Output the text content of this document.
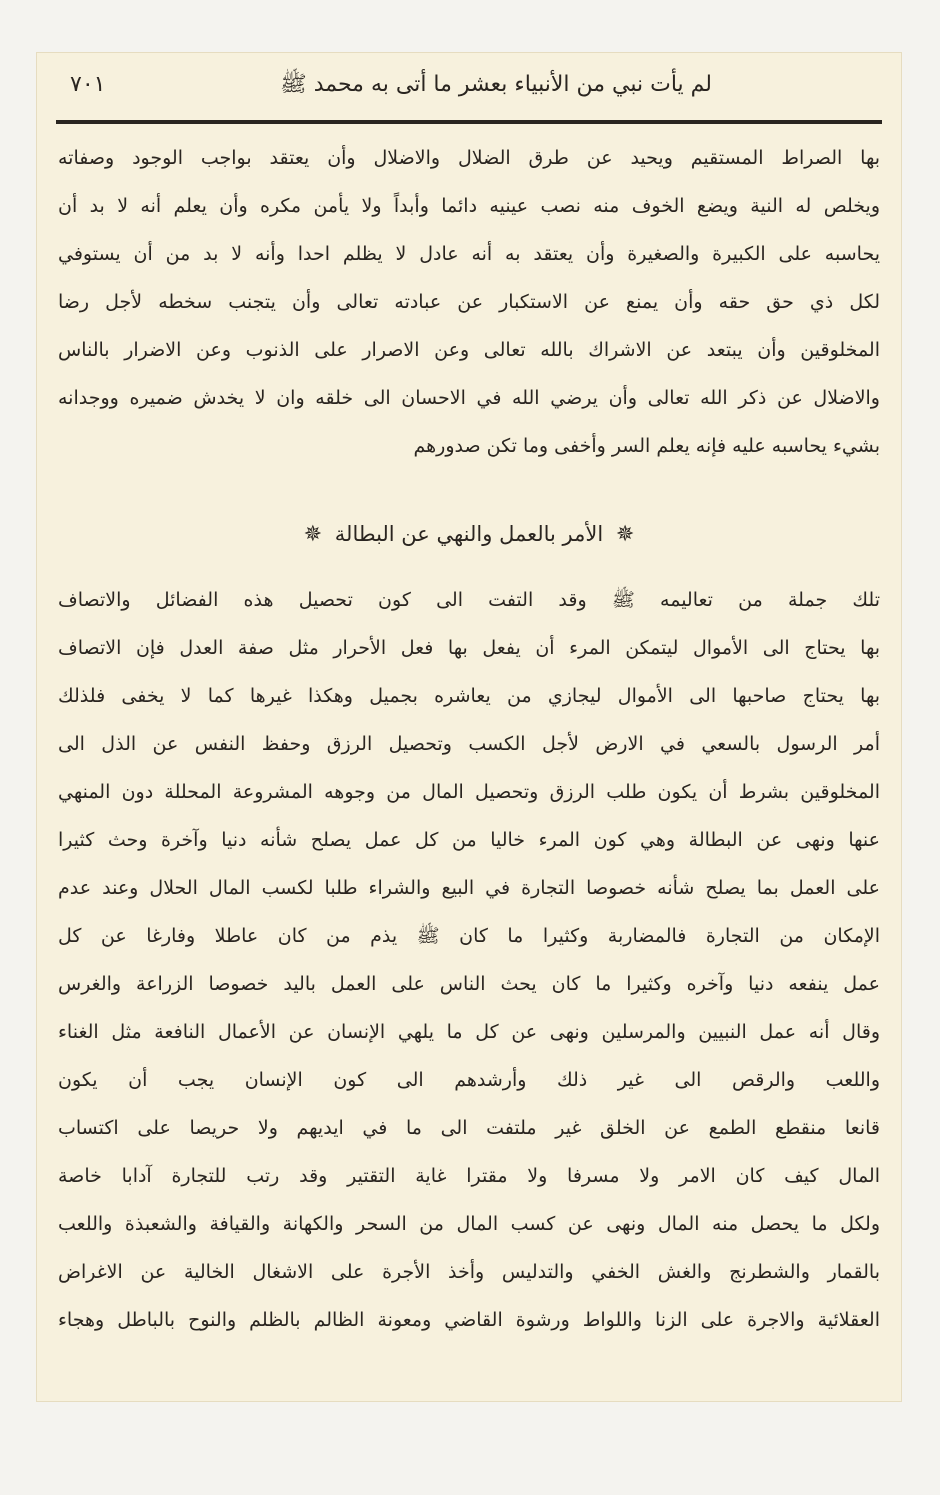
لم يأت نبي من الأنبياء بعشر ما أتى به محمد ﷺ
٧٠١
بها الصراط المستقيم ويحيد عن طرق الضلال والاضلال وأن يعتقد بواجب الوجود وصفاته
ويخلص له النية ويضع الخوف منه نصب عينيه دائما وأبداً ولا يأمن مكره وأن يعلم أنه لا بد أن
يحاسبه على الكبيرة والصغيرة وأن يعتقد به أنه عادل لا يظلم احدا وأنه لا بد من أن يستوفي
لكل ذي حق حقه وأن يمنع عن الاستكبار عن عبادته تعالى وأن يتجنب سخطه لأجل رضا
المخلوقين وأن يبتعد عن الاشراك بالله تعالى وعن الاصرار على الذنوب وعن الاضرار بالناس
والاضلال عن ذكر الله تعالى وأن يرضي الله في الاحسان الى خلقه وان لا يخدش ضميره ووجدانه
بشيء يحاسبه عليه فإنه يعلم السر وأخفى وما تكن صدورهم
✵ الأمر بالعمل والنهي عن البطالة ✵
تلك جملة من تعاليمه ﷺ وقد التفت الى كون تحصيل هذه الفضائل والاتصاف
بها يحتاج الى الأموال ليتمكن المرء أن يفعل بها فعل الأحرار مثل صفة العدل فإن الاتصاف
بها يحتاج صاحبها الى الأموال ليجازي من يعاشره بجميل وهكذا غيرها كما لا يخفى فلذلك
أمر الرسول بالسعي في الارض لأجل الكسب وتحصيل الرزق وحفظ النفس عن الذل الى
المخلوقين بشرط أن يكون طلب الرزق وتحصيل المال من وجوهه المشروعة المحللة دون المنهي
عنها ونهى عن البطالة وهي كون المرء خاليا من كل عمل يصلح شأنه دنيا وآخرة وحث كثيرا
على العمل بما يصلح شأنه خصوصا التجارة في البيع والشراء طلبا لكسب المال الحلال وعند عدم
الإمكان من التجارة فالمضاربة وكثيرا ما كان ﷺ يذم من كان عاطلا وفارغا عن كل
عمل ينفعه دنيا وآخره وكثيرا ما كان يحث الناس على العمل باليد خصوصا الزراعة والغرس
وقال أنه عمل النبيين والمرسلين ونهى عن كل ما يلهي الإنسان عن الأعمال النافعة مثل الغناء
واللعب والرقص الى غير ذلك وأرشدهم الى كون الإنسان يجب أن يكون
قانعا منقطع الطمع عن الخلق غير ملتفت الى ما في ايديهم ولا حريصا على اكتساب
المال كيف كان الامر ولا مسرفا ولا مقترا غاية التقتير وقد رتب للتجارة آدابا خاصة
ولكل ما يحصل منه المال ونهى عن كسب المال من السحر والكهانة والقيافة والشعبذة واللعب
بالقمار والشطرنج والغش الخفي والتدليس وأخذ الأجرة على الاشغال الخالية عن الاغراض
العقلائية والاجرة على الزنا واللواط ورشوة القاضي ومعونة الظالم بالظلم والنوح بالباطل وهجاء
